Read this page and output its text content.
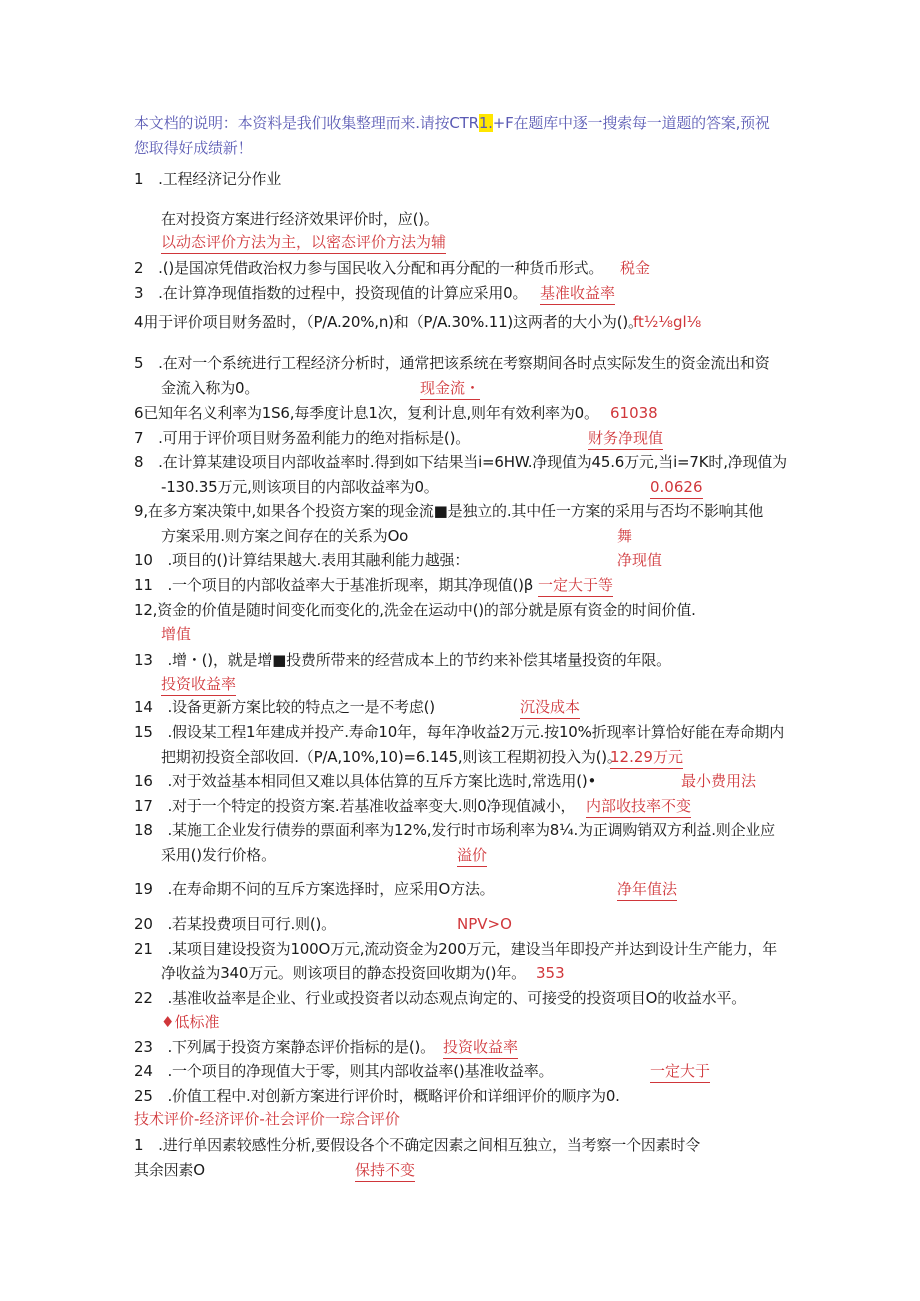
本文档的说明：本资料是我们收集整理而来.请按CTR1.+F在题库中逐一搜索每一道题的答案,预祝
您取得好成绩新！
1　.工程经济记分作业
在对投资方案进行经济效果评价时，应()。
以动态评价方法为主，以密态评价方法为辅
2　.()是国凉凭借政治权力参与国民收入分配和再分配的一种货币形式。 税金
3　.在计算净现值指数的过程中，投资现值的计算应采用0。 基准收益率
4用于评价项目财务盈时，（P/A.20%,n)和（P/A.30%.11)这两者的大小为()。
ft½⅛gl⅛
5　.在对一个系统进行工程经济分析时，通常把该系统在考察期间各时点实际发生的资金流出和资
金流入称为0。	现金流・
6已知年名义利率为1S6,每季度计息1次，复利计息,则年有效利率为0。 61038
7　.可用于评价项目财务盈利能力的绝对指标是()。	财务净现值
8　.在计算某建设项目内部收益率时.得到如下结果当i=6HW.净现值为45.6万元,当i=7K时,净现值为
-130.35万元,则该项目的内部收益率为0。	0.0626
9,在多方案决策中,如果各个投资方案的现金流■是独立的.其中任一方案的采用与否均不影响其他
方案采用.则方案之间存在的关系为Oo	舞
10　.项目的()计算结果越大.表用其融利能力越强：	净现值
11　.一个项目的内部收益率大于基准折现率，期其净现值()β 一定大于等
12,资金的价值是随时间变化而变化的,洗金在运动中()的部分就是原有资金的时间价值.
增值
13　.增・()，就是增■投费所带来的经营成本上的节约来补偿其堵量投资的年限。
投资收益率
14　.设备更新方案比较的特点之一是不考虑()	沉没成本
15　.假设某工程1年建成并投产.寿命10年，每年净收益2万元.按10%折现率计算恰好能在寿命期内
把期初投资全部收回.（P/A,10%,10)=6.145,则该工程期初投入为()。
12.29万元
16　.对于效益基本相同但又难以具体估算的互斥方案比选时,常选用()•	最小费用法
17　.对于一个特定的投资方案.若基准收益率变大.则0净现值减小， 内部收技率不变
18　.某施工企业发行债券的票面利率为12%,发行时市场利率为8¼.为正调购销双方利益.则企业应
采用()发行价格。	溢价
19　.在寿命期不问的互斥方案选择时，应采用O方法。	净年值法
20　.若某投费项目可行.则()。	NPV>O
21　.某项目建设投资为100O万元,流动资金为200万元，建设当年即投产并达到设计生产能力，年
净收益为340万元。则该项目的静态投资回收期为()年。 353
22　.基准收益率是企业、行业或投资者以动态观点询定的、可接受的投资项目O的收益水平。
♦低标准
23　.下列属于投资方案静态评价指标的是()。 投资收益率
24　.一个项目的净现值大于零，则其内部收益率()基准收益率。	一定大于
25　.价值工程中.对创新方案进行评价时，概略评价和详细评价的顺序为0.
技术评价-经济评价-社会评价一琮合评价
1　.进行单因素较感性分析,要假设各个不确定因素之间相互独立，当考察一个因素时令
其余因素O	保持不变
